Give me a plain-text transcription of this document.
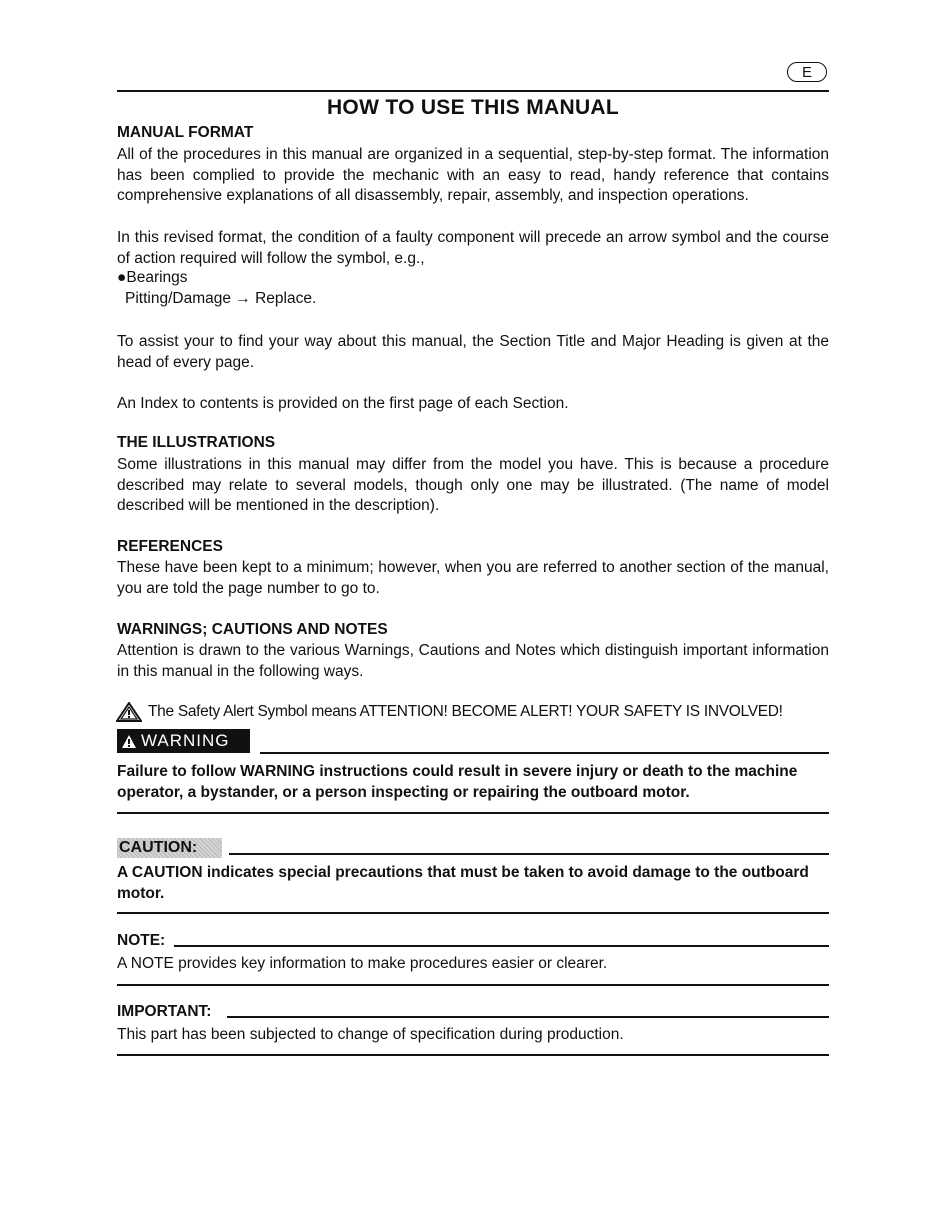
E
HOW TO USE THIS MANUAL
MANUAL FORMAT
All of the procedures in this manual are organized in a sequential, step-by-step format. The information has been complied to provide the mechanic with an easy to read, handy reference that contains comprehensive explanations of all disassembly, repair, assembly, and inspection operations.
In this revised format, the condition of a faulty component will precede an arrow symbol and the course of action required will follow the symbol, e.g.,
●Bearings
Pitting/Damage → Replace.
To assist your to find your way about this manual, the Section Title and Major Heading is given at the head of every page.
An Index to contents is provided on the first page of each Section.
THE ILLUSTRATIONS
Some illustrations in this manual may differ from the model you have. This is because a procedure described may relate to several models, though only one may be illustrated. (The name of model described will be mentioned in the description).
REFERENCES
These have been kept to a minimum; however, when you are referred to another section of the manual, you are told the page number to go to.
WARNINGS; CAUTIONS AND NOTES
Attention is drawn to the various Warnings, Cautions and Notes which distinguish important information in this manual in the following ways.
The Safety Alert Symbol means ATTENTION! BECOME ALERT! YOUR SAFETY IS INVOLVED!
WARNING
Failure to follow WARNING instructions could result in severe injury or death to the machine operator, a bystander, or a person inspecting or repairing the outboard motor.
CAUTION:
A CAUTION indicates special precautions that must be taken to avoid damage to the outboard motor.
NOTE:
A NOTE provides key information to make procedures easier or clearer.
IMPORTANT:
This part has been subjected to change of specification during production.
